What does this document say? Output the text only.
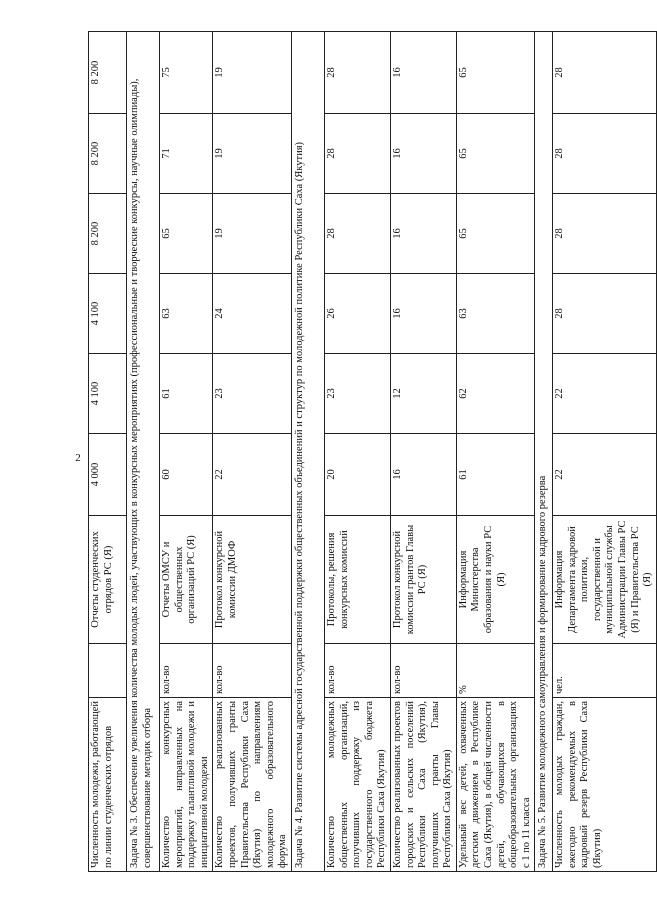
2
Численность молодежи, работающей по линии студенческих отрядов		Отчеты студенческих отрядов РС (Я)	4 000	4 100	4 100	8 200	8 200	8 200
Задача № 3. Обеспечение увеличения количества молодых людей, участвующих в конкурсных мероприятиях (профессиональные и творческие конкурсы, научные олимпиады), совершенствование методик отбора								
Количество конкурсных мероприятий, направленных на поддержку талантливой молодежи и инициативной молодежи	кол-во	Отчеты ОМСУ и общественных организаций РС (Я)	60	61	63	65	71	75
Количество реализованных проектов, получивших гранты Правительства Республики Саха (Якутия) по направлениям молодежного образовательного форума	кол-во	Протокол конкурсной комиссии ДМОФ	22	23	24	19	19	19
Задача № 4. Развитие системы адресной государственной поддержки общественных объединений и структур по молодежной политике Республики Саха (Якутия)								
Количество молодежных общественных организаций, получивших поддержку из государственного бюджета Республики Саха (Якутия)	кол-во	Протоколы, решения конкурсных комиссий	20	23	26	28	28	28
Количество реализованных проектов городских и сельских поселений Республики Саха (Якутия), получивших гранты Главы Республики Саха (Якутия)	кол-во	Протокол конкурсной комиссии грантов Главы РС (Я)	16	12	16	16	16	16
Удельный вес детей, охваченных детским движением в Республике Саха (Якутия), в общей численности детей, обучающихся в общеобразовательных организациях с 1 по 11 класса	%	Информация Министерства образования и науки РС (Я)	61	62	63	65	65	65
Задача № 5. Развитие молодежного самоуправления и формирование кадрового резерва								
Численность молодых граждан, ежегодно рекомендуемых в кадровый резерв Республики Саха (Якутия)	чел.	Информация Департамента кадровой политики, государственной и муниципальной службы Администрации Главы РС (Я) и Правительства РС (Я)	22	22	28	28	28	28
